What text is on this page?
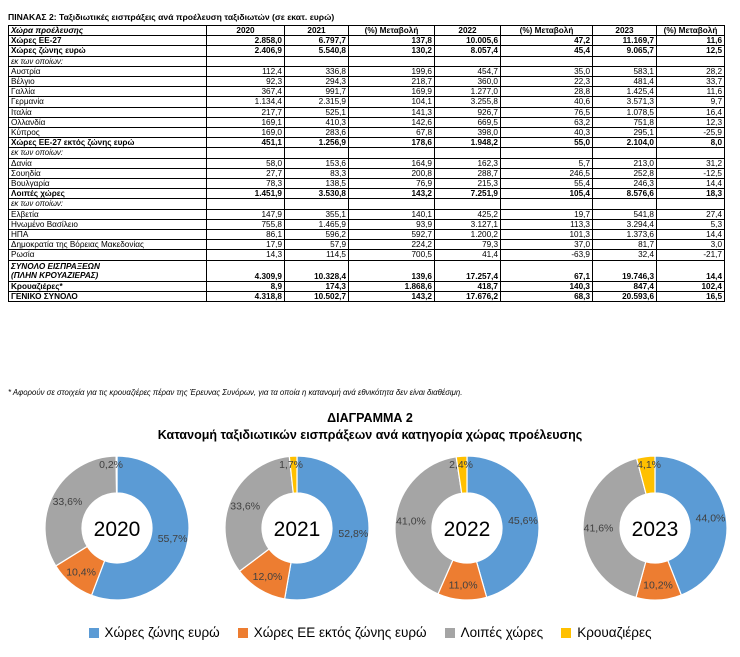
ΠΙΝΑΚΑΣ 2: Ταξιδιωτικές εισπράξεις ανά προέλευση ταξιδιωτών (σε εκατ. ευρώ)
Χώρα προέλευσης	2020	2021	(%) Μεταβολή	2022	(%) Μεταβολή	2023	(%) Μεταβολή
Χώρες ΕΕ-27	2.858,0	6.797,7	137,8	10.005,6	47,2	11.169,7	11,6
Χώρες ζώνης ευρώ	2.406,9	5.540,8	130,2	8.057,4	45,4	9.065,7	12,5
εκ των οποίων:							
Αυστρία	112,4	336,8	199,6	454,7	35,0	583,1	28,2
Βέλγιο	92,3	294,3	218,7	360,0	22,3	481,4	33,7
Γαλλία	367,4	991,7	169,9	1.277,0	28,8	1.425,4	11,6
Γερμανία	1.134,4	2.315,9	104,1	3.255,8	40,6	3.571,3	9,7
Ιταλία	217,7	525,1	141,3	926,7	76,5	1.078,5	16,4
Ολλανδία	169,1	410,3	142,6	669,5	63,2	751,8	12,3
Κύπρος	169,0	283,6	67,8	398,0	40,3	295,1	-25,9
Χώρες ΕΕ-27 εκτός ζώνης ευρώ	451,1	1.256,9	178,6	1.948,2	55,0	2.104,0	8,0
εκ των οποίων:							
Δανία	58,0	153,6	164,9	162,3	5,7	213,0	31,2
Σουηδία	27,7	83,3	200,8	288,7	246,5	252,8	-12,5
Βουλγαρία	78,3	138,5	76,9	215,3	55,4	246,3	14,4
Λοιπές χώρες	1.451,9	3.530,8	143,2	7.251,9	105,4	8.576,6	18,3
εκ των οποίων:							
Ελβετία	147,9	355,1	140,1	425,2	19,7	541,8	27,4
Ηνωμένο Βασίλειο	755,8	1.465,9	93,9	3.127,1	113,3	3.294,4	5,3
ΗΠΑ	86,1	596,2	592,7	1.200,2	101,3	1.373,6	14,4
Δημοκρατία της Βόρειας Μακεδονίας	17,9	57,9	224,2	79,3	37,0	81,7	3,0
Ρωσία	14,3	114,5	700,5	41,4	-63,9	32,4	-21,7

ΣΥΝΟΛΟ ΕΙΣΠΡΑΞΕΩΝ
(ΠΛΗΝ ΚΡΟΥΑΖΙΕΡΑΣ)	4.309,9	10.328,4	139,6	17.257,4	67,1	19.746,3	14,4
Κρουαζιέρες*	8,9	174,3	1.868,6	418,7	140,3	847,4	102,4
ΓΕΝΙΚΟ ΣΥΝΟΛΟ	4.318,8	10.502,7	143,2	17.676,2	68,3	20.593,6	16,5
* Αφορούν σε στοιχεία για τις κρουαζιέρες πέραν της Έρευνας Συνόρων, για τα οποία η κατανομή ανά εθνικότητα δεν είναι διαθέσιμη.
ΔΙΑΓΡΑΜΜΑ 2
Κατανομή ταξιδιωτικών εισπράξεων ανά κατηγορία χώρας προέλευσης
55,7%
10,4%
33,6%
0,2%
2020	52,8%
12,0%
33,6%
1,7%
2021	45,6%
11,0%
41,0%
2,4%
2022	44,0%
10,2%
41,6%
4,1%
2023
Χώρες ζώνης ευρώ	Χώρες ΕΕ εκτός ζώνης ευρώ	Λοιπές χώρες	Κρουαζιέρες
